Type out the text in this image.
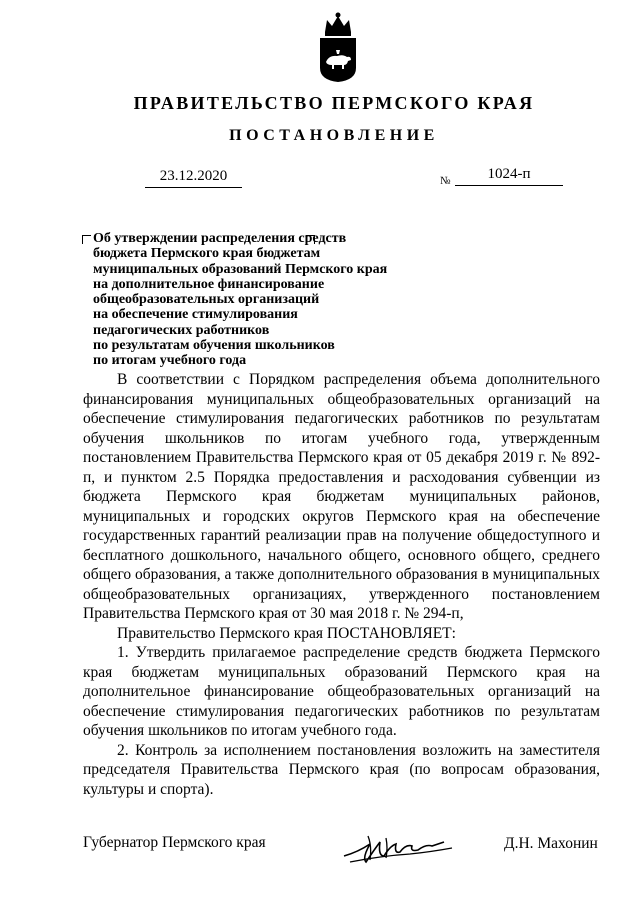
ПРАВИТЕЛЬСТВО ПЕРМСКОГО КРАЯ
ПОСТАНОВЛЕНИЕ
23.12.2020	№	1024-п
Об утверждении распределения средств
бюджета Пермского края бюджетам
муниципальных образований Пермского края
на дополнительное финансирование
общеобразовательных организаций
на обеспечение стимулирования
педагогических работников
по результатам обучения школьников
по итогам учебного года

В соответствии с Порядком распределения объема дополнительного финансирования муниципальных общеобразовательных организаций на обеспечение стимулирования педагогических работников по результатам обучения школьников по итогам учебного года, утвержденным постановлением Правительства Пермского края от 05 декабря 2019 г. № 892-п, и пунктом 2.5 Порядка предоставления и расходования субвенции из бюджета Пермского края бюджетам муниципальных районов, муниципальных и городских округов Пермского края на обеспечение государственных гарантий реализации прав на получение общедоступного и бесплатного дошкольного, начального общего, основного общего, среднего общего образования, а также дополнительного образования в муниципальных общеобразовательных организациях, утвержденного постановлением Правительства Пермского края от 30 мая 2018 г. № 294-п,

Правительство Пермского края ПОСТАНОВЛЯЕТ:

1. Утвердить прилагаемое распределение средств бюджета Пермского края бюджетам муниципальных образований Пермского края на дополнительное финансирование общеобразовательных организаций на обеспечение стимулирования педагогических работников по результатам обучения школьников по итогам учебного года.

2. Контроль за исполнением постановления возложить на заместителя председателя Правительства Пермского края (по вопросам образования, культуры и спорта).

Губернатор Пермского края	Д.Н. Махонин
